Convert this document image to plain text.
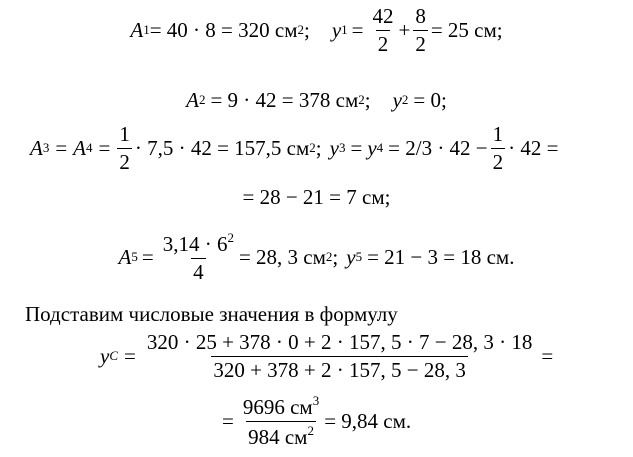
A 1 = 40 · 8 = 320 см 2 ; y $1 = \frac{42}{2} + \frac{8}{2} = 25$ см;
A 2 = 9 · 42 = 378 см 2 ; y 2 = 0;
A 3 = A $4 = \frac{1}{2} \cdot 7,5 \cdot 42 = 157,5$ см 2 ; y 3 = y $4 = 2/3 \cdot 42 - \frac{1}{2} \cdot 42$ =
= 28 − 21 = 7 см;
A $5 = \frac{3,14 \cdot 6^2}{4} = 28$, 3 см 2 ; y 5 = 21 − 3 = 18 см.
Подставим числовые значения в формулу
y $C = \frac{320 \cdot 25 + 378 \cdot 0 + 2 \cdot 157, 5 \cdot 7 - 28, 3 \cdot 18}{320 + 378 + 2 \cdot 157, 5 - 28, 3}$ =
= $\frac{9696 см^3}{984 см^2} = 9,84$ см.
